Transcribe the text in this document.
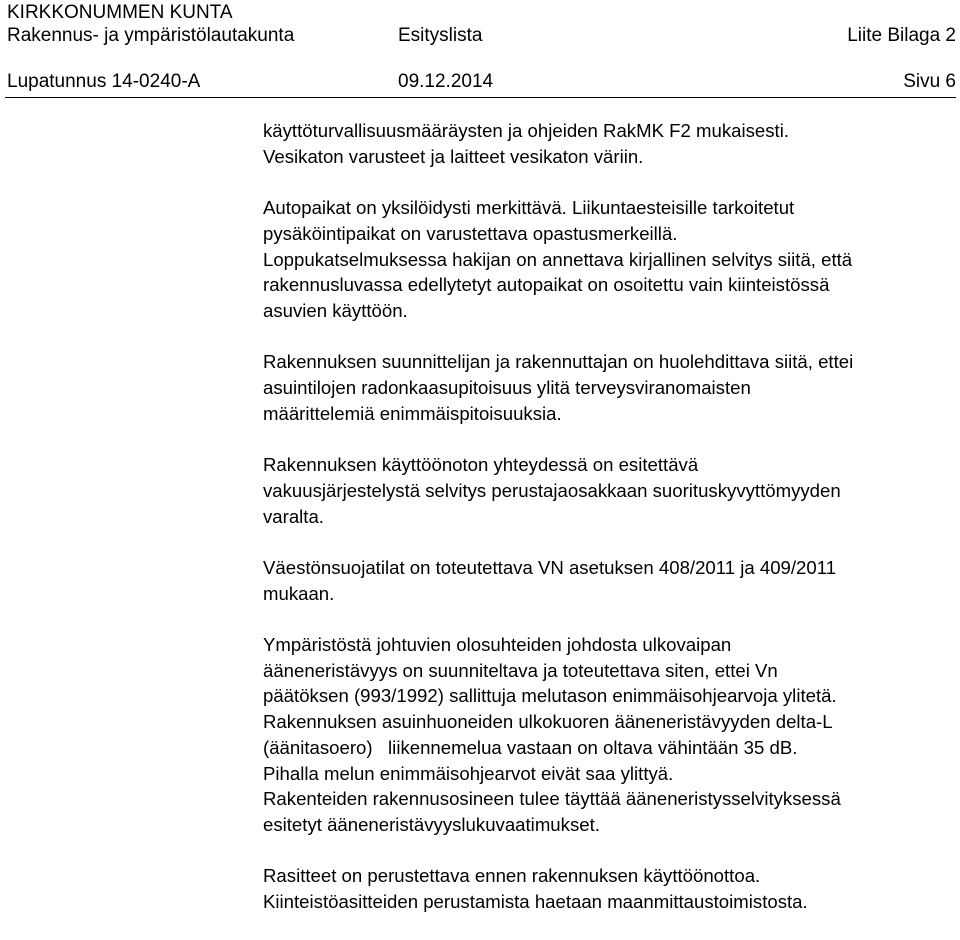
KIRKKONUMMEN KUNTA
Rakennus- ja ympäristölautakunta	Esityslista	Liite Bilaga 2
Lupatunnus 14-0240-A	09.12.2014	Sivu 6

käyttöturvallisuusmääräysten ja ohjeiden RakMK F2 mukaisesti.
Vesikaton varusteet ja laitteet vesikaton väriin.

Autopaikat on yksilöidysti merkittävä. Liikuntaesteisille tarkoitetut
pysäköintipaikat on varustettava opastusmerkeillä.
Loppukatselmuksessa hakijan on annettava kirjallinen selvitys siitä, että
rakennusluvassa edellytetyt autopaikat on osoitettu vain kiinteistössä
asuvien käyttöön.

Rakennuksen suunnittelijan ja rakennuttajan on huolehdittava siitä, ettei
asuintilojen radonkaasupitoisuus ylitä terveysviranomaisten
määrittelemiä enimmäispitoisuuksia.

Rakennuksen käyttöönoton yhteydessä on esitettävä
vakuusjärjestelystä selvitys perustajaosakkaan suorituskyvyttömyyden
varalta.

Väestönsuojatilat on toteutettava VN asetuksen 408/2011 ja 409/2011
mukaan.

Ympäristöstä johtuvien olosuhteiden johdosta ulkovaipan
ääneneristävyys on suunniteltava ja toteutettava siten, ettei Vn
päätöksen (993/1992) sallittuja melutason enimmäisohjearvoja ylitetä.
Rakennuksen asuinhuoneiden ulkokuoren ääneneristävyyden delta-L
(äänitasoero)   liikennemelua vastaan on oltava vähintään 35 dB.
Pihalla melun enimmäisohjearvot eivät saa ylittyä.
Rakenteiden rakennusosineen tulee täyttää ääneneristysselvityksessä
esitetyt ääneneristävyyslukuvaatimukset.

Rasitteet on perustettava ennen rakennuksen käyttöönottoa.
Kiinteistöasitteiden perustamista haetaan maanmittaustoimistosta.
